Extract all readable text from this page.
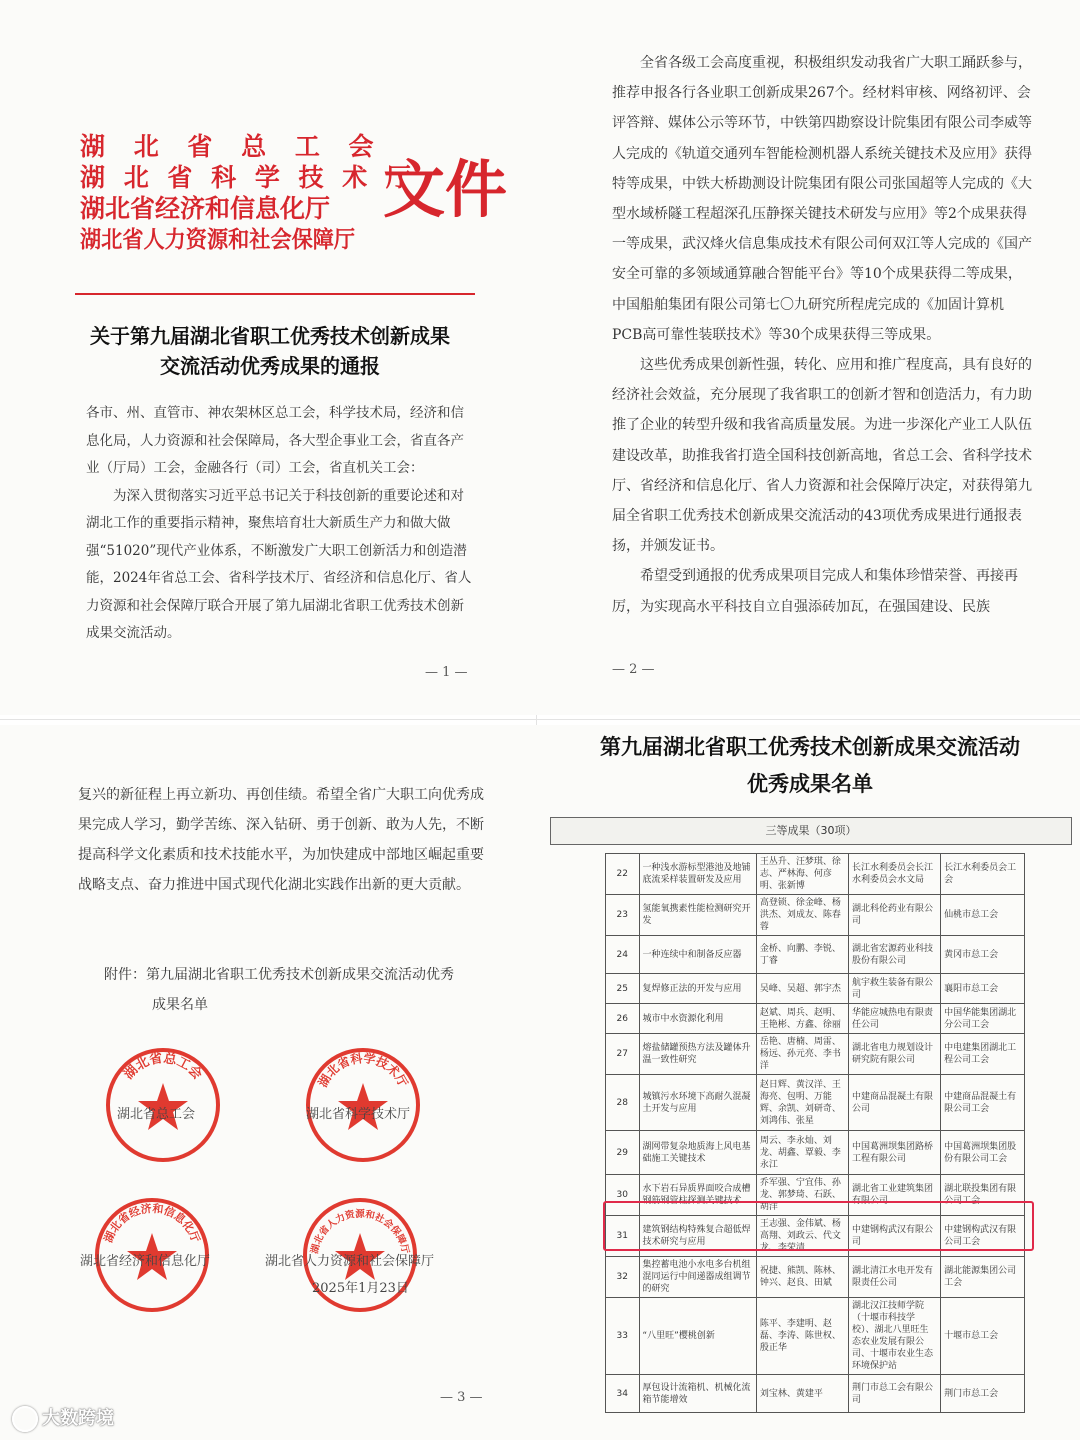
湖 北 省 总 工 会
湖 北 省 科 学 技 术 厅
湖北省经济和信息化厅
湖北省人力资源和社会保障厅
文件
关于第九届湖北省职工优秀技术创新成果
交流活动优秀成果的通报

各市、州、直管市、神农架林区总工会，科学技术局，经济和信息化局，人力资源和社会保障局，各大型企事业工会，省直各产业（厅局）工会，金融各行（司）工会，省直机关工会：

为深入贯彻落实习近平总书记关于科技创新的重要论述和对湖北工作的重要指示精神，聚焦培育壮大新质生产力和做大做强“51020”现代产业体系，不断激发广大职工创新活力和创造潜能，2024年省总工会、省科学技术厅、省经济和信息化厅、省人力资源和社会保障厅联合开展了第九届湖北省职工优秀技术创新成果交流活动。

— 1 —

全省各级工会高度重视，积极组织发动我省广大职工踊跃参与，推荐申报各行各业职工创新成果267个。经材料审核、网络初评、会评答辩、媒体公示等环节，中铁第四勘察设计院集团有限公司李威等人完成的《轨道交通列车智能检测机器人系统关键技术及应用》获得特等成果，中铁大桥勘测设计院集团有限公司张国超等人完成的《大型水域桥隧工程超深孔压静探关键技术研发与应用》等2个成果获得一等成果，武汉烽火信息集成技术有限公司何双江等人完成的《国产安全可靠的多领域通算融合智能平台》等10个成果获得二等成果，中国船舶集团有限公司第七〇九研究所程虎完成的《加固计算机PCB高可靠性装联技术》等30个成果获得三等成果。

这些优秀成果创新性强，转化、应用和推广程度高，具有良好的经济社会效益，充分展现了我省职工的创新才智和创造活力，有力助推了企业的转型升级和我省高质量发展。为进一步深化产业工人队伍建设改革，助推我省打造全国科技创新高地，省总工会、省科学技术厅、省经济和信息化厅、省人力资源和社会保障厅决定，对获得第九届全省职工优秀技术创新成果交流活动的43项优秀成果进行通报表扬，并颁发证书。

希望受到通报的优秀成果项目完成人和集体珍惜荣誉、再接再厉，为实现高水平科技自立自强添砖加瓦，在强国建设、民族

— 2 —

复兴的新征程上再立新功、再创佳绩。希望全省广大职工向优秀成果完成人学习，勤学苦练、深入钻研、勇于创新、敢为人先，不断提高科学文化素质和技术技能水平，为加快建成中部地区崛起重要战略支点、奋力推进中国式现代化湖北实践作出新的更大贡献。

附件：第九届湖北省职工优秀技术创新成果交流活动优秀
成果名单
湖北省总工会
湖北省总工会
湖北省科学技术厅
湖北省科学技术厅
湖北省经济和信息化厅
湖北省经济和信息化厅
湖北省人力资源和社会保障厅
湖北省人力资源和社会保障厅
2025年1月23日
— 3 —
第九届湖北省职工优秀技术创新成果交流活动
优秀成果名单
三等成果（30项）
22	一种浅水游标型港池及地铺底流采样装置研发及应用	王丛升、汪梦琪、徐志、严林海、何彦明、张新博	长江水利委员会长江水利委员会水文局	长江水利委员会工会
23	氢能氧携素性能检测研究开发	高登锁、徐金峰、杨洪杰、刘成友、陈春蓉	湖北科伦药业有限公司	仙桃市总工会
24	一种连续中和制备反应器	金桥、向鹏、李锐、丁睿	湖北省宏源药业科技股份有限公司	黄冈市总工会
25	复焊修正法的开发与应用	吴峰、吴超、郭宇杰	航宇救生装备有限公司	襄阳市总工会
26	城市中水资源化利用	赵斌、周兵、赵明、王艳彬、方鑫、徐丽	华能应城热电有限责任公司	中国华能集团湖北分公司工会
27	熔盐储罐预热方法及罐体升温一致性研究	岳艳、唐楠、周雷、杨远、孙元亮、李书洋	湖北省电力规划设计研究院有限公司	中电建集团湖北工程公司工会
28	城镇污水环境下高耐久混凝土开发与应用	赵日辉、黄汉洋、王海亮、包明、万能辉、余凯、刘研奇、刘鸿伟、张星	中建商品混凝土有限公司	中建商品混凝土有限公司工会
29	湖网带复杂地质海上风电基础施工关键技术	周云、李永灿、刘龙、胡鑫、覃毅、李永江	中国葛洲坝集团路桥工程有限公司	中国葛洲坝集团股份有限公司工会
30	水下岩石异质界面咬合成槽钢筋钢管柱探测关键技术	乔军强、宁宜伟、孙龙、郭梦琦、石跃、胡洋	湖北省工业建筑集团有限公司	湖北联投集团有限公司工会
31	建筑钢结构特殊复合超低焊技术研究与应用	王志强、金伟斌、杨高翔、刘政云、代文龙、李荣清	中建钢构武汉有限公司	中建钢构武汉有限公司工会
32	集控蓄电池小水电多台机组混同运行中间递器成组调节的研究	祝捷、熊凯、陈林、钟兴、赵良、田斌	湖北清江水电开发有限责任公司	湖北能源集团公司工会
33	“八里旺”樱桃创新	陈平、李建明、赵磊、李涛、陈世权、殷正华	湖北汉江技师学院（十堰市科技学校）、湖北八里旺生态农业发展有限公司、十堰市农业生态环境保护站	十堰市总工会
34	厚包设计流箱机、机械化流箱节能增效	刘宝林、黄建平	荆门市总工会有限公司	荆门市总工会
大数跨境
